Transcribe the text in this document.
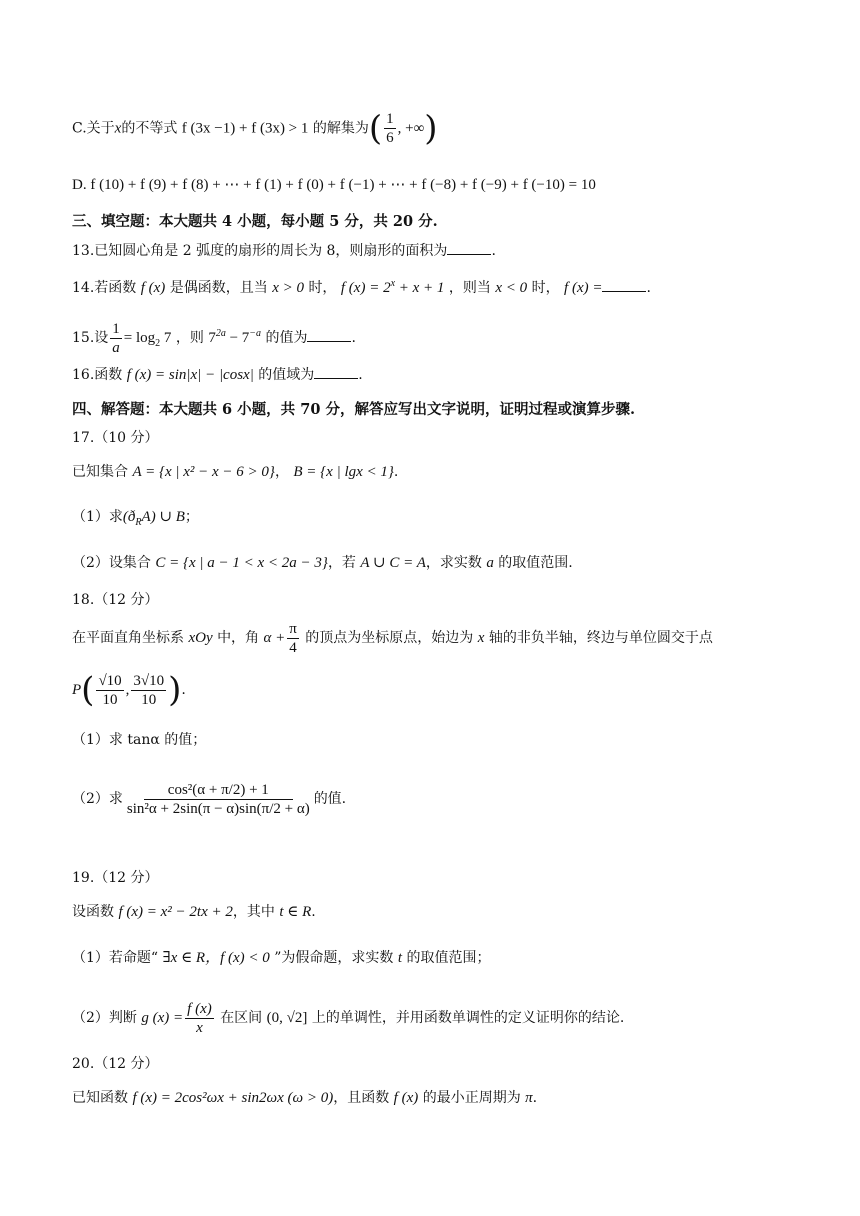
C.关于x的不等式 f (3x −1) + f (3x) > 1 的解集为( $\frac{1}{6}$ , +∞)
D. f (10) + f (9) + f (8) + ⋯ + f (1) + f (0) + f (−1) + ⋯ + f (−8) + f (−9) + f (−10) = 10
三、填空题：本大题共 4 小题，每小题 5 分，共 20 分.
13.已知圆心角是 2 弧度的扇形的周长为 8，则扇形的面积为	.
14.若函数 f (x) 是偶函数，且当 x > 0 时， f $(x) = 2^x + x + 1$ ，则当 x < 0 时， f (x) =	.
15.设 $\frac{1}{a} = \log_2 7$ ，则 $7^{2a} - 7^{-a}$ 的值为	.
16.函数 f (x) = sin|x| − |cosx| 的值域为	.
四、解答题：本大题共 6 小题，共 70 分，解答应写出文字说明，证明过程或演算步骤.
17.（10 分）
已知集合 A = {x | x² − x − 6 > 0}， B = {x | lgx < 1}.
（1）求$(ð_RA)$ ∪ B；
（2）设集合 C = {x | a − 1 < x < 2a − 3}，若 A ∪ C = A，求实数 a 的取值范围.
18.（12 分）
在平面直角坐标系 xOy 中，角 $\alpha + \frac{\pi}{4}$ 的顶点为坐标原点，始边为 x 轴的非负半轴，终边与单位圆交于点
$P( \frac{√10}{10}$ , $\frac{3√10}{10}$ ).
（1）求 tanα 的值；
（2）求 $\frac{\text{cos²(α + π/2) + 1}}{\text{sin²α + 2sin(π − α)sin(π/2 + α)}}$ 的值.
19.（12 分）
设函数 f (x) = x² − 2tx + 2，其中 t ∈ R.
（1）若命题“ ∃x ∈ R，f (x) < 0 ”为假命题，求实数 t 的取值范围；
（2）判断 g $(x) = \frac{f (x)}{x}$ 在区间 (0, √2] 上的单调性，并用函数单调性的定义证明你的结论.
20.（12 分）
已知函数 f (x) = 2cos²ωx + sin2ωx (ω > 0)，且函数 f (x) 的最小正周期为 π.
